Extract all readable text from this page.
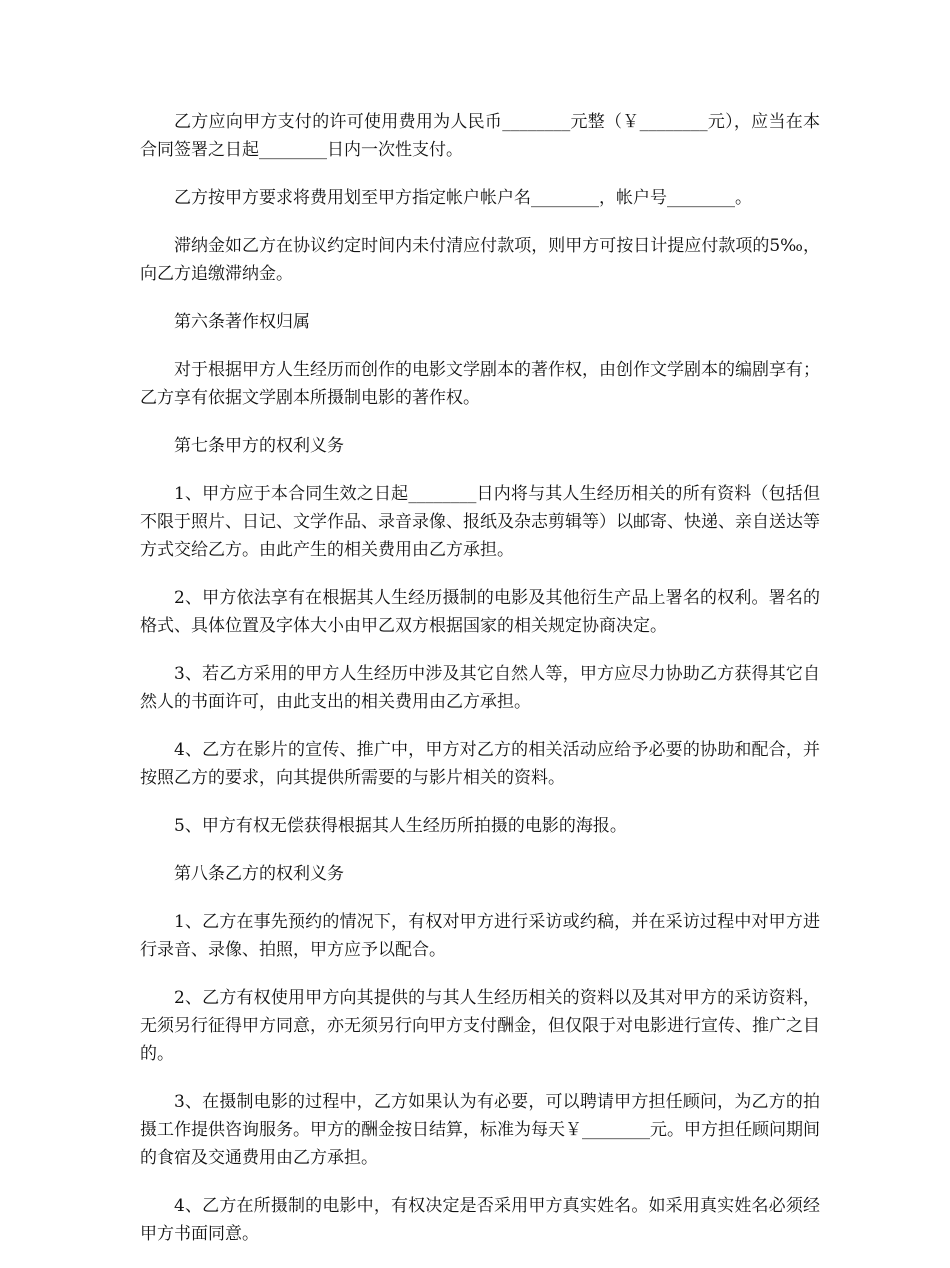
乙方应向甲方支付的许可使用费用为人民币________元整（￥________元），应当在本合同签署之日起________日内一次性支付。

乙方按甲方要求将费用划至甲方指定帐户帐户名________，帐户号________。

滞纳金如乙方在协议约定时间内未付清应付款项，则甲方可按日计提应付款项的5‰，向乙方追缴滞纳金。

第六条著作权归属

对于根据甲方人生经历而创作的电影文学剧本的著作权，由创作文学剧本的编剧享有；乙方享有依据文学剧本所摄制电影的著作权。

第七条甲方的权利义务

1、甲方应于本合同生效之日起________日内将与其人生经历相关的所有资料（包括但不限于照片、日记、文学作品、录音录像、报纸及杂志剪辑等）以邮寄、快递、亲自送达等方式交给乙方。由此产生的相关费用由乙方承担。

2、甲方依法享有在根据其人生经历摄制的电影及其他衍生产品上署名的权利。署名的格式、具体位置及字体大小由甲乙双方根据国家的相关规定协商决定。

3、若乙方采用的甲方人生经历中涉及其它自然人等，甲方应尽力协助乙方获得其它自然人的书面许可，由此支出的相关费用由乙方承担。

4、乙方在影片的宣传、推广中，甲方对乙方的相关活动应给予必要的协助和配合，并按照乙方的要求，向其提供所需要的与影片相关的资料。

5、甲方有权无偿获得根据其人生经历所拍摄的电影的海报。

第八条乙方的权利义务

1、乙方在事先预约的情况下，有权对甲方进行采访或约稿，并在采访过程中对甲方进行录音、录像、拍照，甲方应予以配合。

2、乙方有权使用甲方向其提供的与其人生经历相关的资料以及其对甲方的采访资料，无须另行征得甲方同意，亦无须另行向甲方支付酬金，但仅限于对电影进行宣传、推广之目的。

3、在摄制电影的过程中，乙方如果认为有必要，可以聘请甲方担任顾问，为乙方的拍摄工作提供咨询服务。甲方的酬金按日结算，标准为每天￥________元。甲方担任顾问期间的食宿及交通费用由乙方承担。

4、乙方在所摄制的电影中，有权决定是否采用甲方真实姓名。如采用真实姓名必须经甲方书面同意。
